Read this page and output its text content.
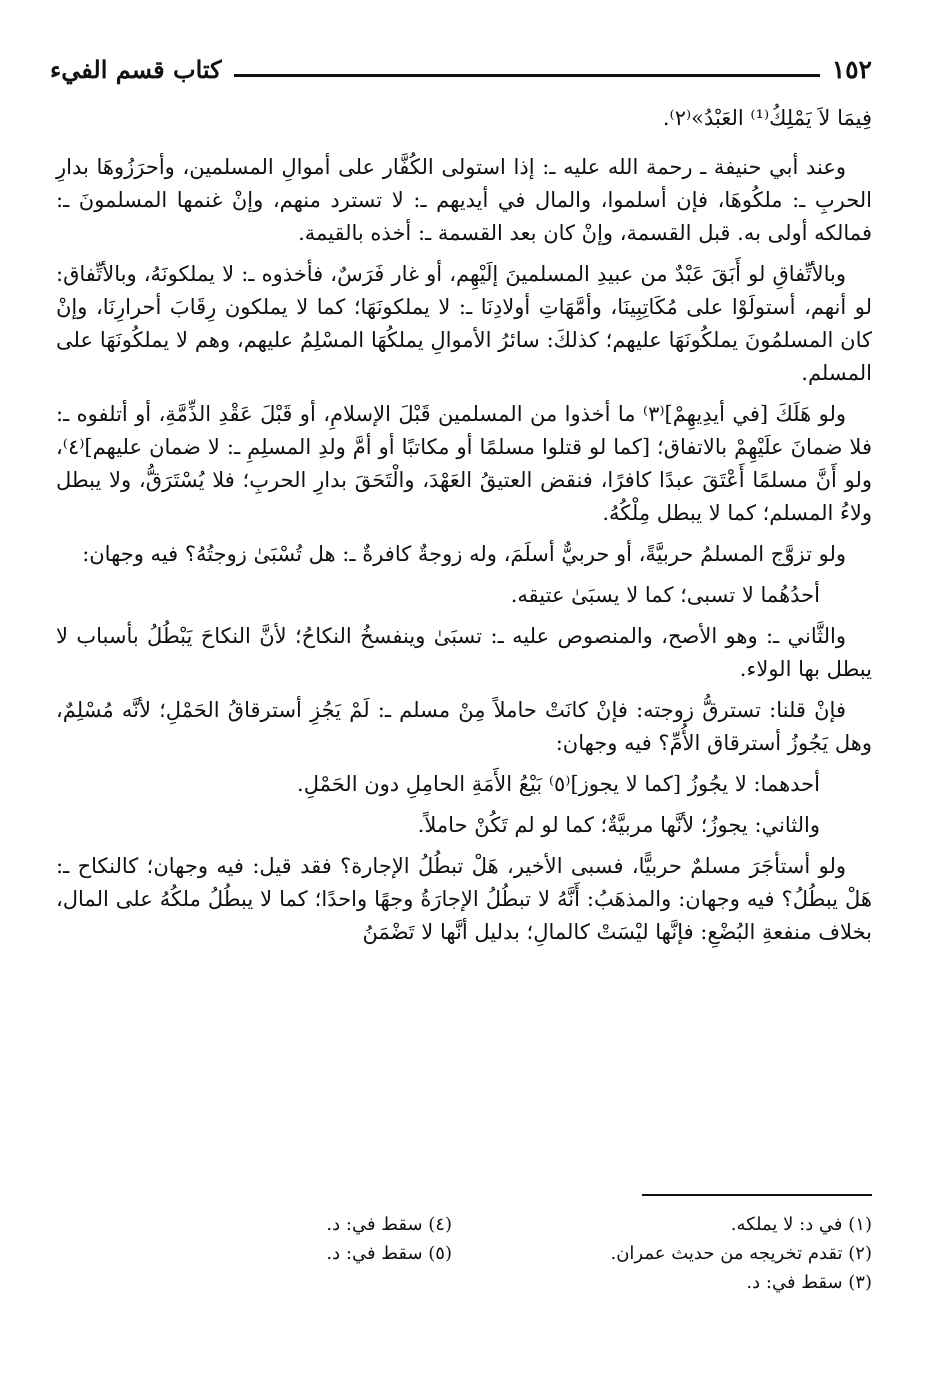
١٥٢
كتاب قسم الفيء

فِيمَا لاَ يَمْلِكُ⁽¹⁾ العَبْدُ»⁽٢⁾.

وعند أبي حنيفة ـ رحمة الله عليه ـ: إذا استولى الكُفَّار على أموالِ المسلمين، وأحرَزُوهَا بدارِ الحربِ ـ: ملكُوهَا، فإن أسلموا، والمال في أيديهم ـ: لا تسترد منهم، وإنْ غنمها المسلمونَ ـ: فمالكه أولى به. قبل القسمة، وإنْ كان بعد القسمة ـ: أخذه بالقيمة.

وبالأتِّفاقِ لو أَبَقَ عَبْدٌ من عبيدِ المسلمينَ إلَيْهِم، أو غار فَرَسٌ، فأخذوه ـ: لا يملكونَهُ، وبالأتِّفاق: لو أنهم، أستولَوْا على مُكَاتِبِينَا، وأمَّهَاتِ أولادِنَا ـ: لا يملكونَهَا؛ كما لا يملكون رِقَابَ أحرارِنَا، وإنْ كان المسلمُونَ يملكُونَهَا عليهم؛ كذلكَ: سائرُ الأموالِ يملكُهَا المسْلِمُ عليهم، وهم لا يملكُونَهَا على المسلم.

ولو هَلَكَ [في أيدِيهِمْ]⁽٣⁾ ما أخذوا من المسلمين قَبْلَ الإسلامِ، أو قَبْلَ عَقْدِ الذِّمَّةِ، أو أتلفوه ـ: فلا ضمانَ علَيْهِمْ بالاتفاق؛ [كما لو قتلوا مسلمًا أو مكاتبًا أو أمَّ ولدِ المسلِمِ ـ: لا ضمان عليهم]⁽٤⁾، ولو أَنَّ مسلمًا أَعْتَقَ عبدًا كافرًا، فنقض العتيقُ العَهْدَ، والْتَحَقَ بدارِ الحربِ؛ فلا يُسْتَرَقُّ، ولا يبطل ولاءُ المسلم؛ كما لا يبطل مِلْكُهُ.

ولو تزوَّج المسلمُ حربيَّةً، أو حربيٌّ أسلَمَ، وله زوجةٌ كافرةٌ ـ: هل تُسْبَىٰ زوجتُهُ؟ فيه وجهان:

أحدُهُما لا تسبى؛ كما لا يسبَىٰ عتيقه.

والثَّاني ـ: وهو الأصح، والمنصوص عليه ـ: تسبَىٰ وينفسخُ النكاحُ؛ لأنَّ النكاحَ يَبْطُلُ بأسباب لا يبطل بها الولاء.

فإنْ قلنا: تسترقُّ زوجته: فإنْ كانَتْ حاملاً مِنْ مسلم ـ: لَمْ يَجُزِ أسترقاقُ الحَمْلِ؛ لأنَّه مُسْلِمٌ، وهل يَجُوزُ أسترقاق الأُمِّ؟ فيه وجهان:

أحدهما: لا يجُوزُ [كما لا يجوز]⁽٥⁾ بَيْعُ الأَمَةِ الحامِلِ دون الحَمْلِ.

والثاني: يجوزُ؛ لأنَّها مربيَّةٌ؛ كما لو لم تَكُنْ حاملاً.

ولو أستأجَرَ مسلمٌ حربيًّا، فسبى الأخير، هَلْ تبطُلُ الإجارة؟ فقد قيل: فيه وجهان؛ كالنكاح ـ: هَلْ يبطُلُ؟ فيه وجهان: والمذهَبُ: أَنَّهُ لا تبطُلُ الإجارَةُ وجهًا واحدًا؛ كما لا يبطُلُ ملكُهُ على المال، بخلاف منفعةِ البُضْعِ: فإنَّها ليْسَتْ كالمالِ؛ بدليل أنَّها لا تَضْمَنُ

(١) في د: لا يملكه.

(٢) تقدم تخريجه من حديث عمران.

(٣) سقط في: د.

(٤) سقط في: د.

(٥) سقط في: د.
